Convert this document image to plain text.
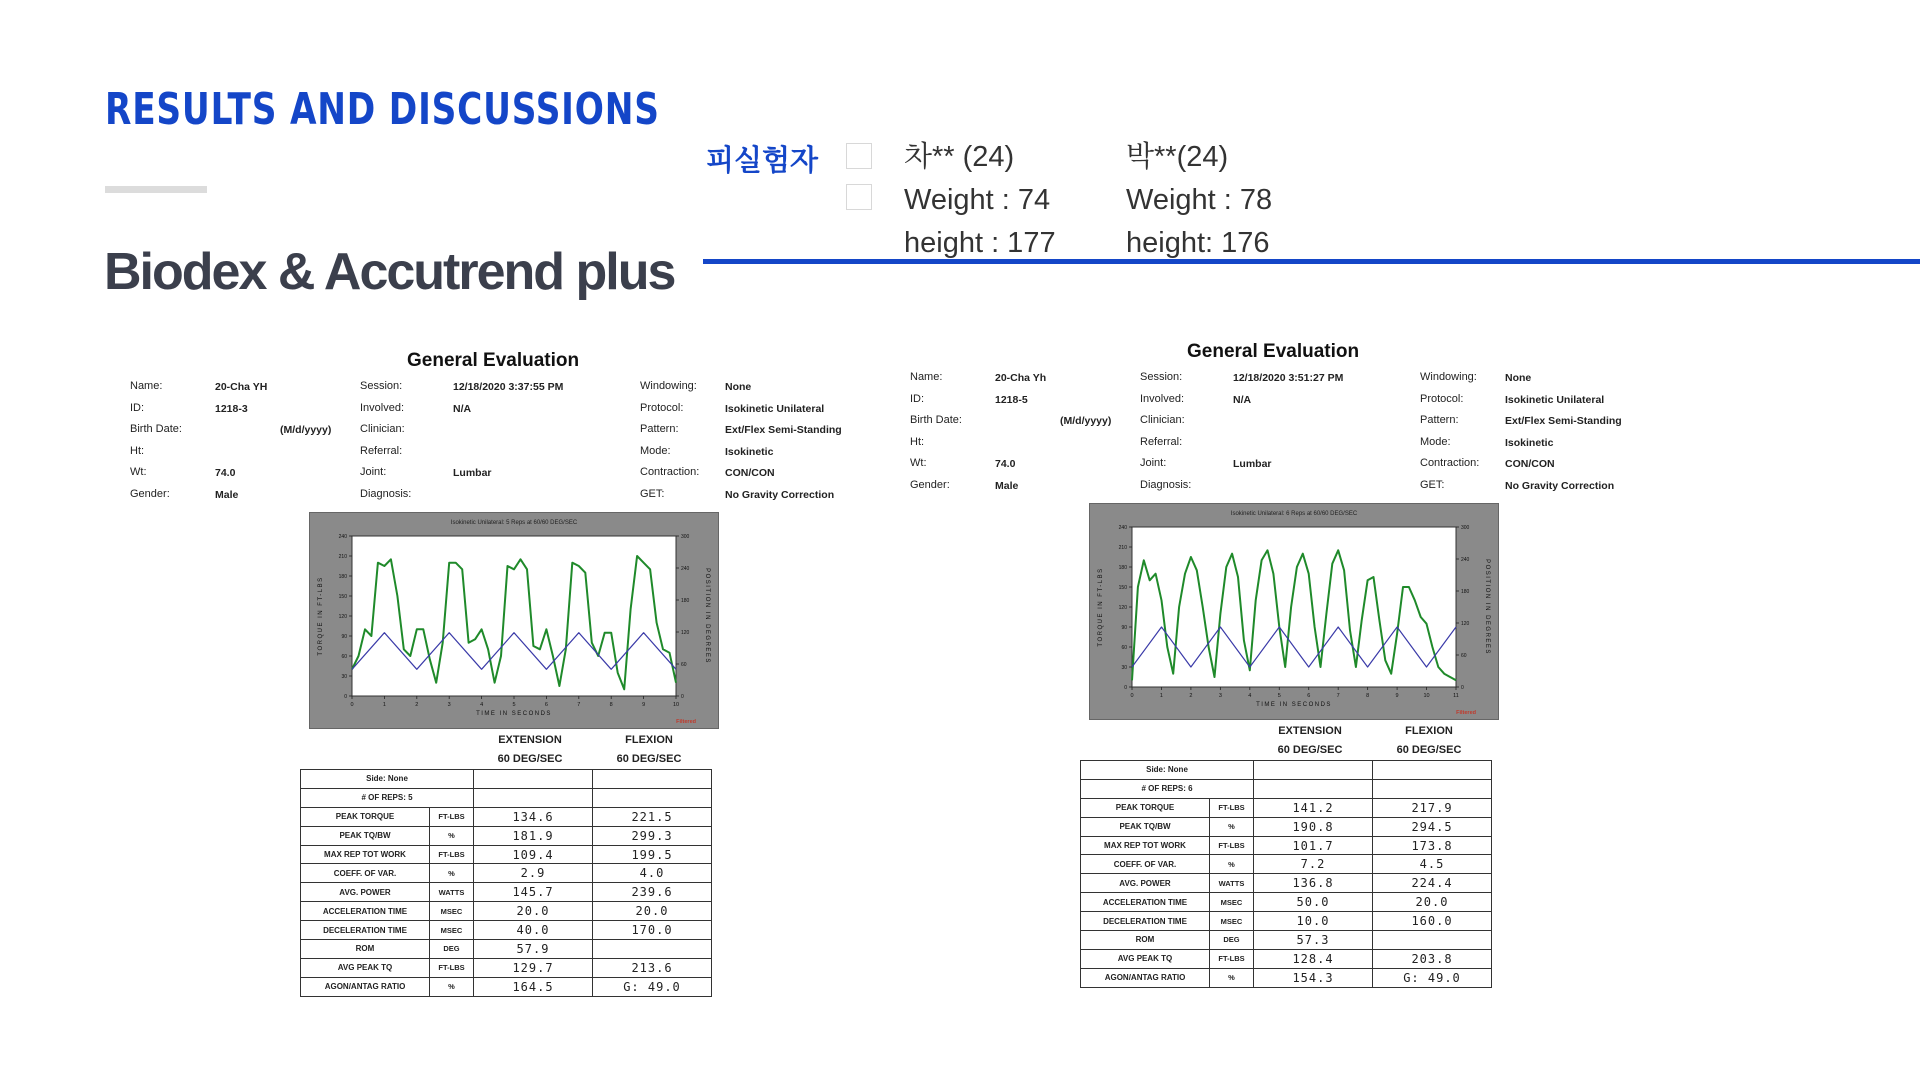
RESULTS AND DISCUSSIONS
Biodex & Accutrend plus
피실험자	차** (24)
Weight : 74
height : 177
박**(24)
Weight : 78
height: 176
General Evaluation
Name:	20-Cha YH
ID:	1218-3
Birth Date:	(M/d/yyyy)
Ht:
Wt:	74.0
Gender:	Male
Session:	12/18/2020 3:37:55 PM
Involved:	N/A
Clinician:
Referral:
Joint:	Lumbar
Diagnosis:
Windowing:	None
Protocol:	Isokinetic Unilateral
Pattern:	Ext/Flex Semi-Standing
Mode:	Isokinetic
Contraction: CON/CON
GET:	No Gravity Correction
Isokinetic Unilateral: 5 Reps at 60/60 DEG/SEC
0
30
60
90
120
150
180
210
240
0
60
120
180
240
300
0	1	2	3	4	5	6	7	8	9	10
TIME IN SECONDS
TORQUE IN FT-LBS	POSITION IN DEGREES
Filtered
EXTENSION
60 DEG/SEC
FLEXION
60 DEG/SEC
Side: None			
# OF REPS: 5			
PEAK TORQUE	FT-LBS	134.6	221.5
PEAK TQ/BW	%	181.9	299.3
MAX REP TOT WORK	FT-LBS	109.4	199.5
COEFF. OF VAR.	%	2.9	4.0
AVG. POWER	WATTS	145.7	239.6
ACCELERATION TIME	MSEC	20.0	20.0
DECELERATION TIME	MSEC	40.0	170.0
ROM	DEG	57.9	
AVG PEAK TQ	FT-LBS	129.7	213.6
AGON/ANTAG RATIO	%	164.5	G: 49.0
General Evaluation
Name:	20-Cha Yh
ID:	1218-5
Birth Date:	(M/d/yyyy)
Ht:
Wt:	74.0
Gender:	Male
Session:	12/18/2020 3:51:27 PM
Involved:	N/A
Clinician:
Referral:
Joint:	Lumbar
Diagnosis:
Windowing:	None
Protocol:	Isokinetic Unilateral
Pattern:	Ext/Flex Semi-Standing
Mode:	Isokinetic
Contraction: CON/CON
GET:	No Gravity Correction
Isokinetic Unilateral: 6 Reps at 60/60 DEG/SEC
0
30
60
90
120
150
180
210
240
0
60
120
180
240
300
0	1	2	3	4	5	6	7	8	9	10	11
TIME IN SECONDS
TORQUE IN FT-LBS	POSITION IN DEGREES
Filtered
EXTENSION
60 DEG/SEC
FLEXION
60 DEG/SEC
Side: None			
# OF REPS: 6			
PEAK TORQUE	FT-LBS	141.2	217.9
PEAK TQ/BW	%	190.8	294.5
MAX REP TOT WORK	FT-LBS	101.7	173.8
COEFF. OF VAR.	%	7.2	4.5
AVG. POWER	WATTS	136.8	224.4
ACCELERATION TIME	MSEC	50.0	20.0
DECELERATION TIME	MSEC	10.0	160.0
ROM	DEG	57.3	
AVG PEAK TQ	FT-LBS	128.4	203.8
AGON/ANTAG RATIO	%	154.3	G: 49.0
